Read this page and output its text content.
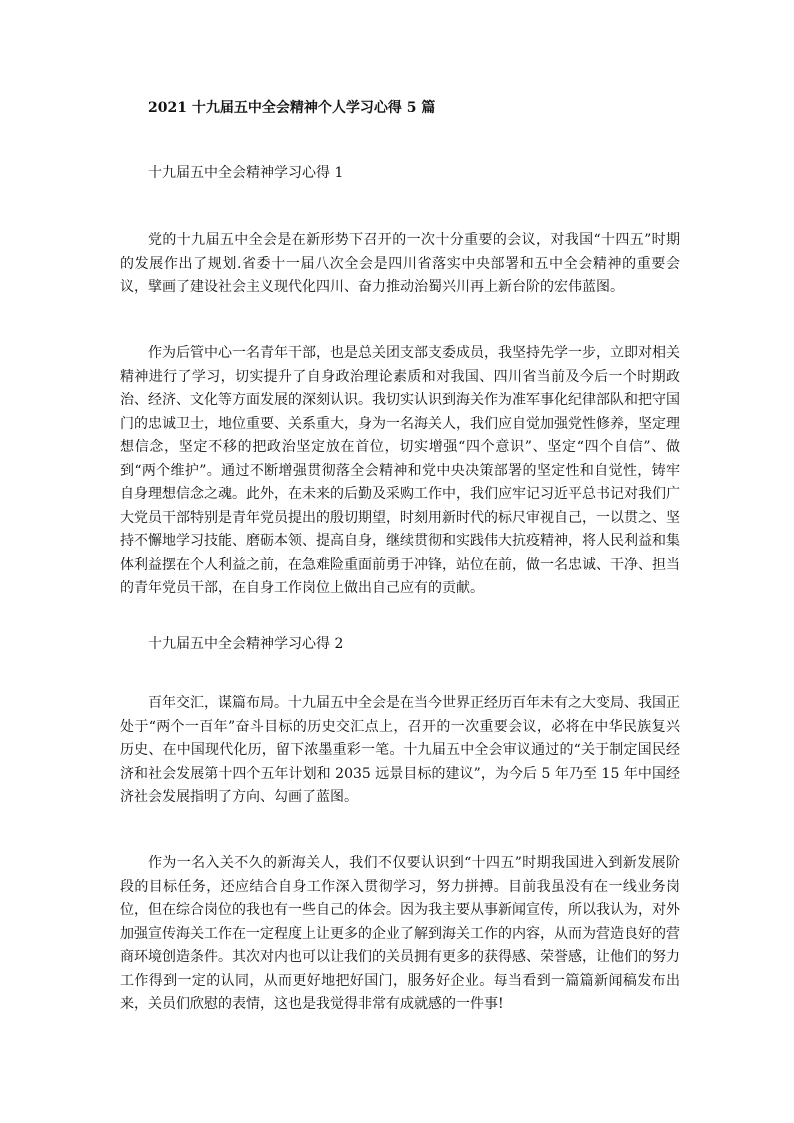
2021 十九届五中全会精神个人学习心得 5 篇
十九届五中全会精神学习心得 1

党的十九届五中全会是在新形势下召开的一次十分重要的会议，对我国“十四五”时期的发展作出了规划.省委十一届八次全会是四川省落实中央部署和五中全会精神的重要会议，擘画了建设社会主义现代化四川、奋力推动治蜀兴川再上新台阶的宏伟蓝图。

作为后管中心一名青年干部，也是总关团支部支委成员，我坚持先学一步，立即对相关精神进行了学习，切实提升了自身政治理论素质和对我国、四川省当前及今后一个时期政治、经济、文化等方面发展的深刻认识。我切实认识到海关作为准军事化纪律部队和把守国门的忠诚卫士，地位重要、关系重大，身为一名海关人，我们应自觉加强党性修养，坚定理想信念，坚定不移的把政治坚定放在首位，切实增强“四个意识”、坚定“四个自信”、做到“两个维护”。通过不断增强贯彻落全会精神和党中央决策部署的坚定性和自觉性，铸牢自身理想信念之魂。此外，在未来的后勤及采购工作中，我们应牢记习近平总书记对我们广大党员干部特别是青年党员提出的殷切期望，时刻用新时代的标尺审视自己，一以贯之、坚持不懈地学习技能、磨砺本领、提高自身，继续贯彻和实践伟大抗疫精神，将人民利益和集体利益摆在个人利益之前，在急难险重面前勇于冲锋，站位在前，做一名忠诚、干净、担当的青年党员干部，在自身工作岗位上做出自己应有的贡献。

十九届五中全会精神学习心得 2

百年交汇，谋篇布局。十九届五中全会是在当今世界正经历百年未有之大变局、我国正处于“两个一百年”奋斗目标的历史交汇点上，召开的一次重要会议，必将在中华民族复兴历史、在中国现代化历，留下浓墨重彩一笔。十九届五中全会审议通过的“关于制定国民经济和社会发展第十四个五年计划和 2035 远景目标的建议”，为今后 5 年乃至 15 年中国经济社会发展指明了方向、勾画了蓝图。

作为一名入关不久的新海关人，我们不仅要认识到“十四五”时期我国进入到新发展阶段的目标任务，还应结合自身工作深入贯彻学习，努力拼搏。目前我虽没有在一线业务岗位，但在综合岗位的我也有一些自己的体会。因为我主要从事新闻宣传，所以我认为，对外加强宣传海关工作在一定程度上让更多的企业了解到海关工作的内容，从而为营造良好的营商环境创造条件。其次对内也可以让我们的关员拥有更多的获得感、荣誉感，让他们的努力工作得到一定的认同，从而更好地把好国门，服务好企业。每当看到一篇篇新闻稿发布出来，关员们欣慰的表情，这也是我觉得非常有成就感的一件事!
